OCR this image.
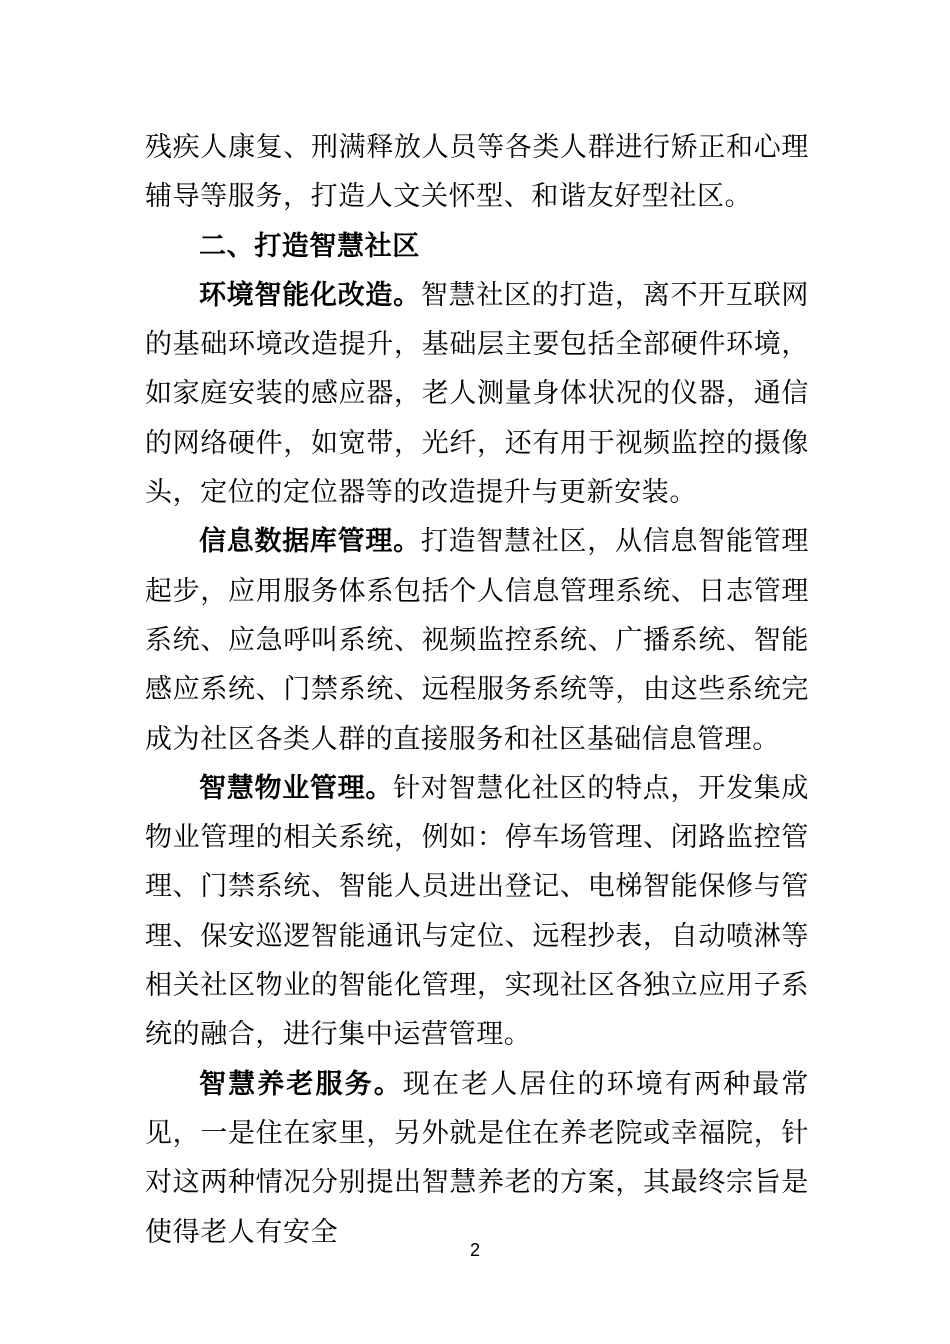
残疾人康复、刑满释放人员等各类人群进行矫正和心理辅导等服务，打造人文关怀型、和谐友好型社区。

二、打造智慧社区

环境智能化改造。智慧社区的打造，离不开互联网的基础环境改造提升，基础层主要包括全部硬件环境，如家庭安装的感应器，老人测量身体状况的仪器，通信的网络硬件，如宽带，光纤，还有用于视频监控的摄像头，定位的定位器等的改造提升与更新安装。

信息数据库管理。打造智慧社区，从信息智能管理起步，应用服务体系包括个人信息管理系统、日志管理系统、应急呼叫系统、视频监控系统、广播系统、智能感应系统、门禁系统、远程服务系统等，由这些系统完成为社区各类人群的直接服务和社区基础信息管理。

智慧物业管理。针对智慧化社区的特点，开发集成物业管理的相关系统，例如：停车场管理、闭路监控管理、门禁系统、智能人员进出登记、电梯智能保修与管理、保安巡逻智能通讯与定位、远程抄表，自动喷淋等相关社区物业的智能化管理，实现社区各独立应用子系统的融合，进行集中运营管理。

智慧养老服务。现在老人居住的环境有两种最常见，一是住在家里，另外就是住在养老院或幸福院，针对这两种情况分别提出智慧养老的方案，其最终宗旨是使得老人有安全

2
